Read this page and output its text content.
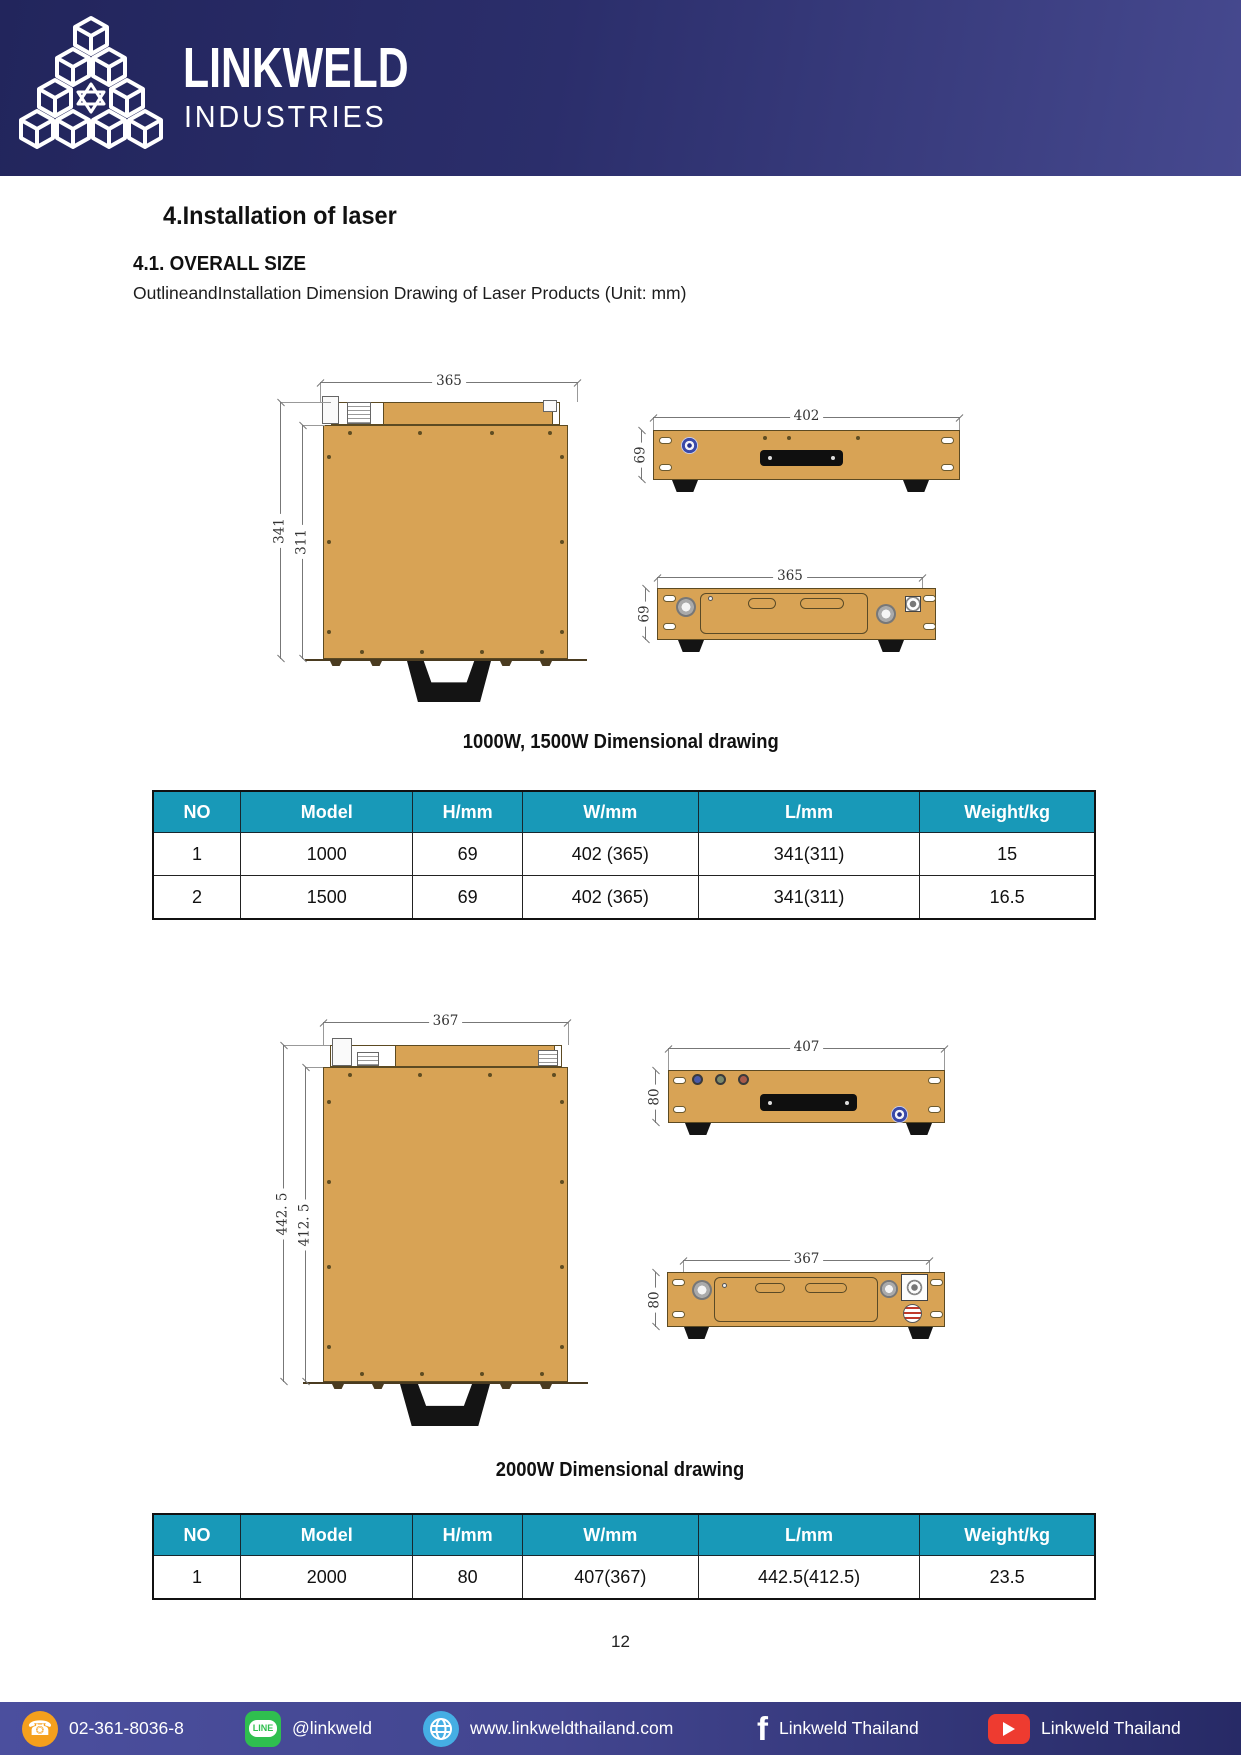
LINKWELD
INDUSTRIES
4.Installation of laser
4.1. OVERALL SIZE
OutlineandInstallation Dimension Drawing of Laser Products (Unit: mm)
365
341 311
402
69
365
69
1000W, 1500W Dimensional drawing
NO	Model	H/mm	W/mm	L/mm	Weight/kg
1	1000	69	402 (365)	341(311)	15
2	1500	69	402 (365)	341(311)	16.5
367
442. 5 412. 5
407
80
367
80
2000W Dimensional drawing
NO	Model	H/mm	W/mm	L/mm	Weight/kg
1	2000	80	407(367)	442.5(412.5)	23.5
12
☎ 02-361-8036-8	LINE @linkweld	www.linkweldthailand.com	f Linkweld Thailand	Linkweld Thailand
